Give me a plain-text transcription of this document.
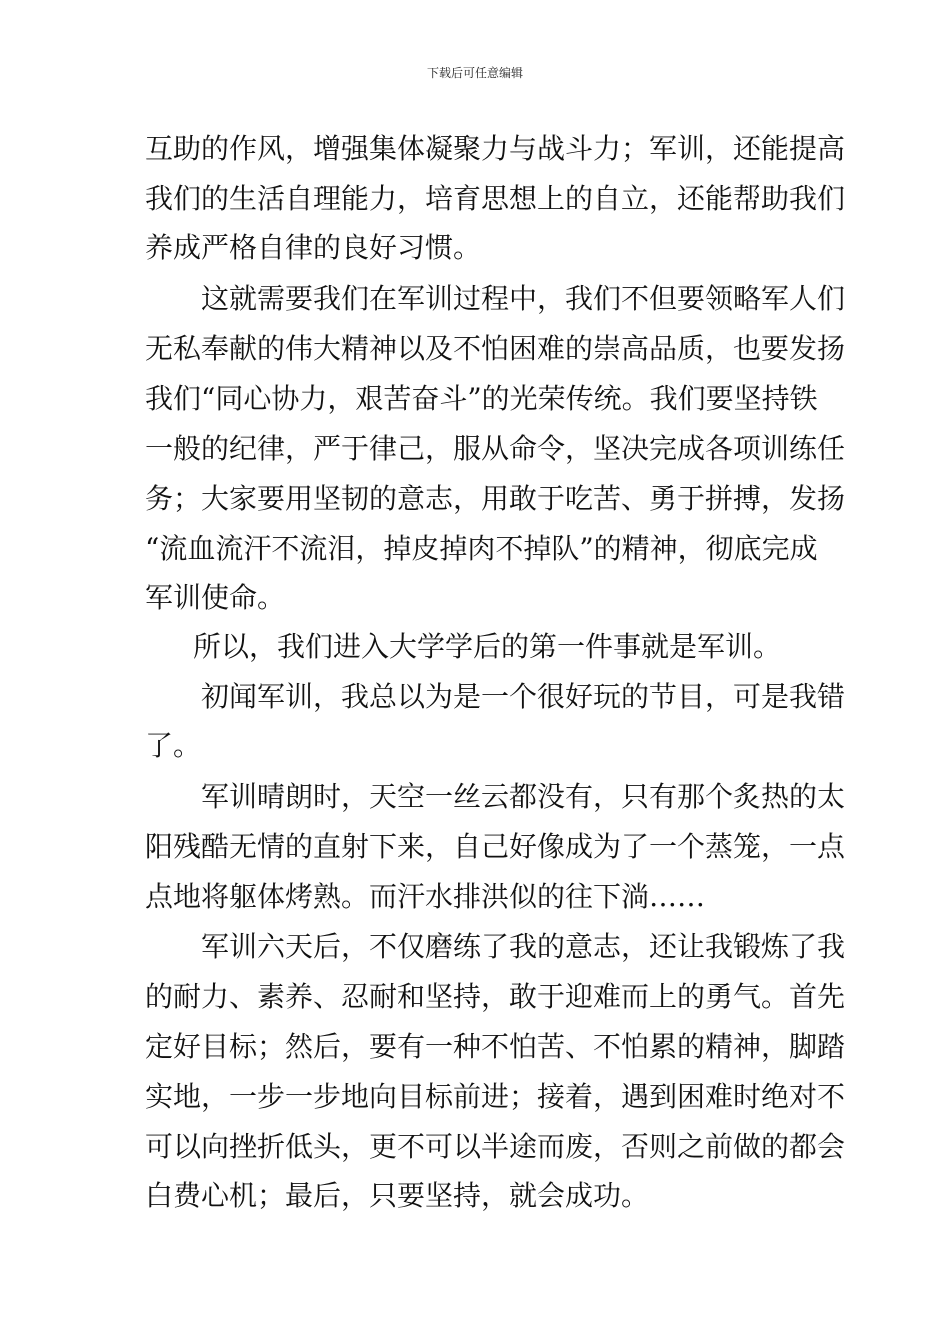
下载后可任意编辑
互助的作风，增强集体凝聚力与战斗力；军训，还能提高
我们的生活自理能力，培育思想上的自立，还能帮助我们
养成严格自律的良好习惯。
这就需要我们在军训过程中，我们不但要领略军人们
无私奉献的伟大精神以及不怕困难的崇高品质，也要发扬
我们“同心协力，艰苦奋斗”的光荣传统。我们要坚持铁
一般的纪律，严于律己，服从命令，坚决完成各项训练任
务；大家要用坚韧的意志，用敢于吃苦、勇于拼搏，发扬
“流血流汗不流泪，掉皮掉肉不掉队”的精神，彻底完成
军训使命。
所以，我们进入大学学后的第一件事就是军训。
初闻军训，我总以为是一个很好玩的节目，可是我错
了。
军训晴朗时，天空一丝云都没有，只有那个炙热的太
阳残酷无情的直射下来，自己好像成为了一个蒸笼，一点
点地将躯体烤熟。而汗水排洪似的往下淌……
军训六天后，不仅磨练了我的意志，还让我锻炼了我
的耐力、素养、忍耐和坚持，敢于迎难而上的勇气。首先
定好目标；然后，要有一种不怕苦、不怕累的精神，脚踏
实地，一步一步地向目标前进；接着，遇到困难时绝对不
可以向挫折低头，更不可以半途而废，否则之前做的都会
白费心机；最后，只要坚持，就会成功。
